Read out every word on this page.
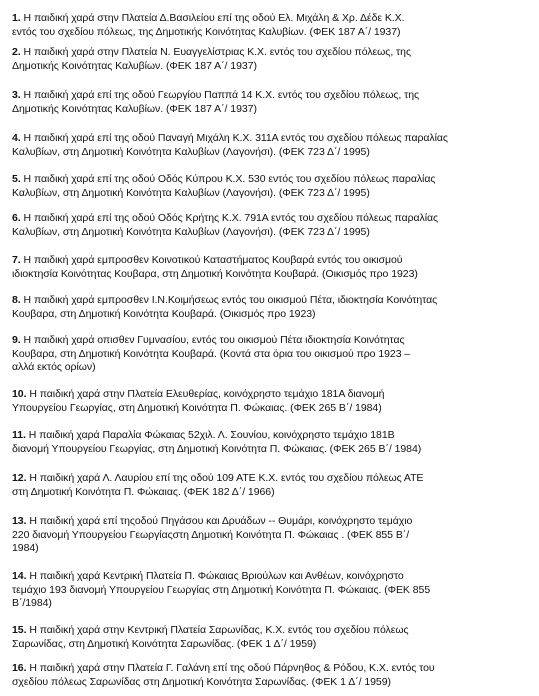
1. Η παιδική χαρά στην Πλατεία Δ.Βασιλείου επί της οδού Ελ. Μιχάλη & Χρ. Δέδε Κ.Χ.
εντός του σχεδίου πόλεως, της Δημοτικής Κοινότητας Καλυβίων. (ΦΕΚ 187 Α΄/ 1937)
2. Η παιδική χαρά στην Πλατεία Ν. Ευαγγελίστριας Κ.Χ. εντός του σχεδίου πόλεως, της
Δημοτικής Κοινότητας Καλυβίων. (ΦΕΚ 187 Α΄/ 1937)
3. Η παιδική χαρά επί της οδού Γεωργίου Παππά 14 Κ.Χ. εντός του σχεδίου πόλεως, της
Δημοτικής Κοινότητας Καλυβίων. (ΦΕΚ 187 Α΄/ 1937)
4. Η παιδική χαρά επί της οδού Παναγή Μιχάλη Κ.Χ. 311Α εντός του σχεδίου πόλεως παραλίας
Καλυβίων, στη Δημοτική Κοινότητα Καλυβίων (Λαγονήσι). (ΦΕΚ 723 Δ΄/ 1995)
5. Η παιδική χαρά επί της οδού Οδός Κύπρου Κ.Χ. 530 εντός του σχεδίου πόλεως παραλίας
Καλυβίων, στη Δημοτική Κοινότητα Καλυβίων (Λαγονήσι). (ΦΕΚ 723 Δ΄/ 1995)
6. Η παιδική χαρά επί της οδού Οδός Κρήτης Κ.Χ. 791Α εντός του σχεδίου πόλεως παραλίας
Καλυβίων, στη Δημοτική Κοινότητα Καλυβίων (Λαγονήσι). (ΦΕΚ 723 Δ΄/ 1995)
7. Η παιδική χαρά εμπροσθεν Κοινοτικού Καταστήματος Κουβαρά εντός του οικισμού
ιδιοκτησία Κοινότητας Κουβαρα, στη Δημοτική Κοινότητα Κουβαρά. (Οικισμός προ 1923)
8. Η παιδική χαρά εμπροσθεν Ι.Ν.Κοιμήσεως εντός του οικισμού Πέτα, ιδιοκτησία Κοινότητας
Κουβαρα, στη Δημοτική Κοινότητα Κουβαρά. (Οικισμός προ 1923)
9. Η παιδική χαρά οπισθεν Γυμνασίου, εντός του οικισμού Πέτα ιδιοκτησία Κοινότητας
Κουβαρα, στη Δημοτική Κοινότητα Κουβαρά. (Κοντά στα όρια του οικισμού προ 1923 –
αλλά εκτός ορίων)
10. Η παιδική χαρά στην Πλατεία Ελευθερίας, κοινόχρηστο τεμάχιο 181Α διανομή
Υπουργείου Γεωργίας, στη Δημοτική Κοινότητα Π. Φώκαιας. (ΦΕΚ 265 Β΄/ 1984)
11. Η παιδική χαρά Παραλία Φώκαιας 52χιλ. Λ. Σουνίου, κοινόχρηστο τεμάχιο 181Β
διανομή Υπουργείου Γεωργίας, στη Δημοτική Κοινότητα Π. Φώκαιας. (ΦΕΚ 265 Β΄/ 1984)
12. Η παιδική χαρά Λ. Λαυρίου επί της οδού 109 ΑΤΕ Κ.Χ. εντός του σχεδίου πόλεως ΑΤΕ
στη Δημοτική Κοινότητα Π. Φώκαιας. (ΦΕΚ 182 Δ΄/ 1966)
13. Η παιδική χαρά επί τηςοδού Πηγάσου και Δρυάδων -- Θυμάρι, κοινόχρηστο τεμάχιο
220 διανομή Υπουργείου Γεωργίαςστη Δημοτική Κοινότητα Π. Φώκαιας . (ΦΕΚ 855 Β΄/
1984)
14. Η παιδική χαρά Κεντρική Πλατεία Π. Φώκαιας Βριούλων και Ανθέων, κοινόχρηστο
τεμάχιο 193 διανομή Υπουργείου Γεωργίας στη Δημοτική Κοινότητα Π. Φώκαιας. (ΦΕΚ 855
Β΄/1984)
15. Η παιδική χαρά στην Κεντρική Πλατεία Σαρωνίδας, Κ.Χ. εντός του σχεδίου πόλεως
Σαρωνίδας, στη Δημοτική Κοινότητα Σαρωνίδας. (ΦΕΚ 1 Δ΄/ 1959)
16. Η παιδική χαρά στην Πλατεία Γ. Γαλάνη επί της οδού Πάρνηθος & Ρόδου, Κ.Χ. εντός του
σχεδίου πόλεως Σαρωνίδας στη Δημοτική Κοινότητα Σαρωνίδας. (ΦΕΚ 1 Δ΄/ 1959)
